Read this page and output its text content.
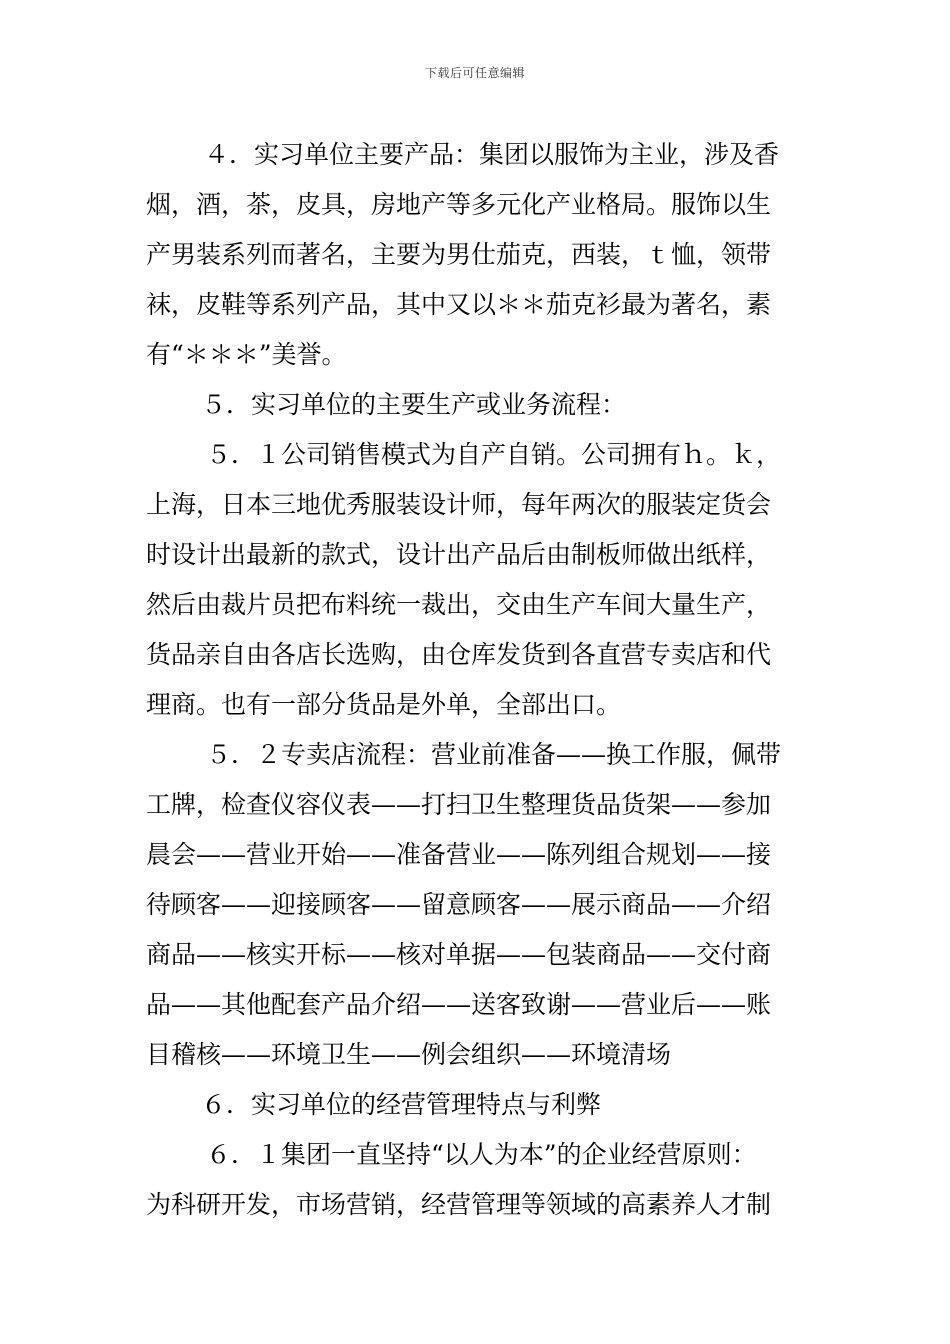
下载后可任意编辑
４．实习单位主要产品：集团以服饰为主业，涉及香
烟，酒，茶，皮具，房地产等多元化产业格局。服饰以生
产男装系列而著名，主要为男仕茄克，西装，ｔ恤，领带
袜，皮鞋等系列产品，其中又以＊＊茄克衫最为著名，素
有“＊＊＊”美誉。
５．实习单位的主要生产或业务流程：
５．１公司销售模式为自产自销。公司拥有ｈ。ｋ，
上海，日本三地优秀服装设计师，每年两次的服装定货会
时设计出最新的款式，设计出产品后由制板师做出纸样，
然后由裁片员把布料统一裁出，交由生产车间大量生产，
货品亲自由各店长选购，由仓库发货到各直营专卖店和代
理商。也有一部分货品是外单，全部出口。
５．２专卖店流程：营业前准备——换工作服，佩带
工牌，检查仪容仪表——打扫卫生整理货品货架——参加
晨会——营业开始——准备营业——陈列组合规划——接
待顾客——迎接顾客——留意顾客——展示商品——介绍
商品——核实开标——核对单据——包装商品——交付商
品——其他配套产品介绍——送客致谢——营业后——账
目稽核——环境卫生——例会组织——环境清场
６．实习单位的经营管理特点与利弊
６．１集团一直坚持“以人为本”的企业经营原则：
为科研开发，市场营销，经营管理等领域的高素养人才制
